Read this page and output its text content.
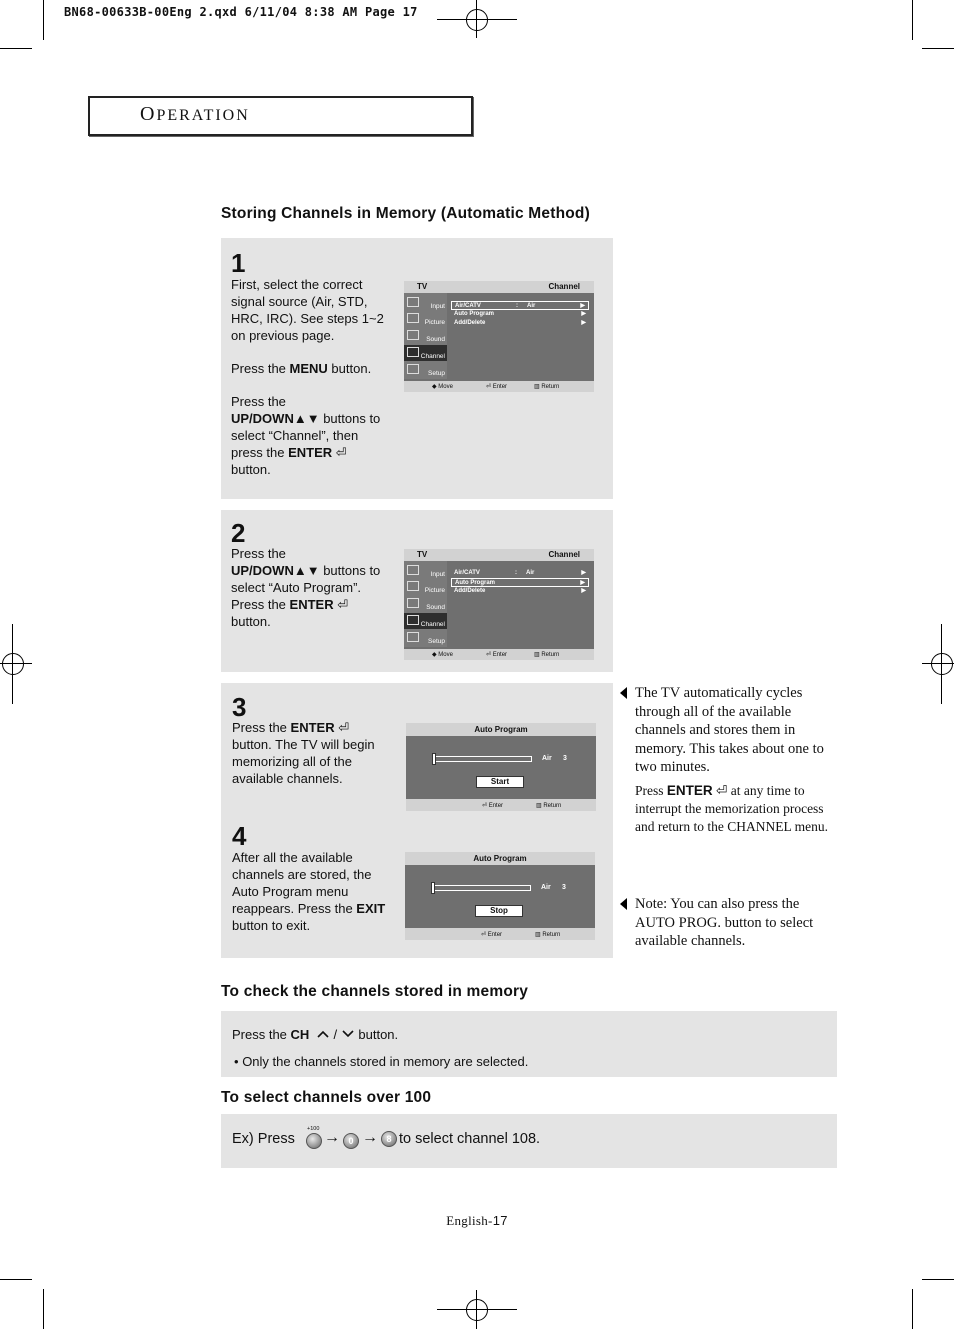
BN68-00633B-00Eng 2.qxd 6/11/04 8:38 AM Page 17
OPERATION
Storing Channels in Memory (Automatic Method)
1
First, select the correct signal source (Air, STD, HRC, IRC). See steps 1~2 on previous page.
Press the MENU button.
Press the
UP/DOWN▲▼ buttons to select “Channel”, then press the ENTER ⏎ button.
TV	Channel
Input
Picture
Sound
Channel
Setup
Air/CATV	: Air	▶
Auto Program	▶
Add/Delete	▶
◆ Move	⏎ Enter	▥ Return
2
Press the
UP/DOWN▲▼ buttons to select “Auto Program”. Press the ENTER ⏎ button.
TV	Channel
Input
Picture
Sound
Channel
Setup
Air/CATV	: Air	▶
Auto Program	▶
Add/Delete	▶
◆ Move	⏎ Enter	▥ Return
3
Press the ENTER ⏎ button. The TV will begin memorizing all of the available channels.
Auto Program
Air 3
Start
⏎ Enter	▥ Return
4
After all the available channels are stored, the Auto Program menu reappears. Press the EXIT button to exit.
Auto Program
Air 3
Stop
⏎ Enter	▥ Return
The TV automatically cycles through all of the available channels and stores them in memory. This takes about one to two minutes.
Press ENTER ⏎ at any time to interrupt the memorization process and return to the CHANNEL menu.
Note: You can also press the AUTO PROG. button to select available channels.
To check the channels stored in memory
Press the CH  /  button.
• Only the channels stored in memory are selected.
To select channels over 100
Ex) Press
+100 → 0 → 8 to select channel 108.
English-17
